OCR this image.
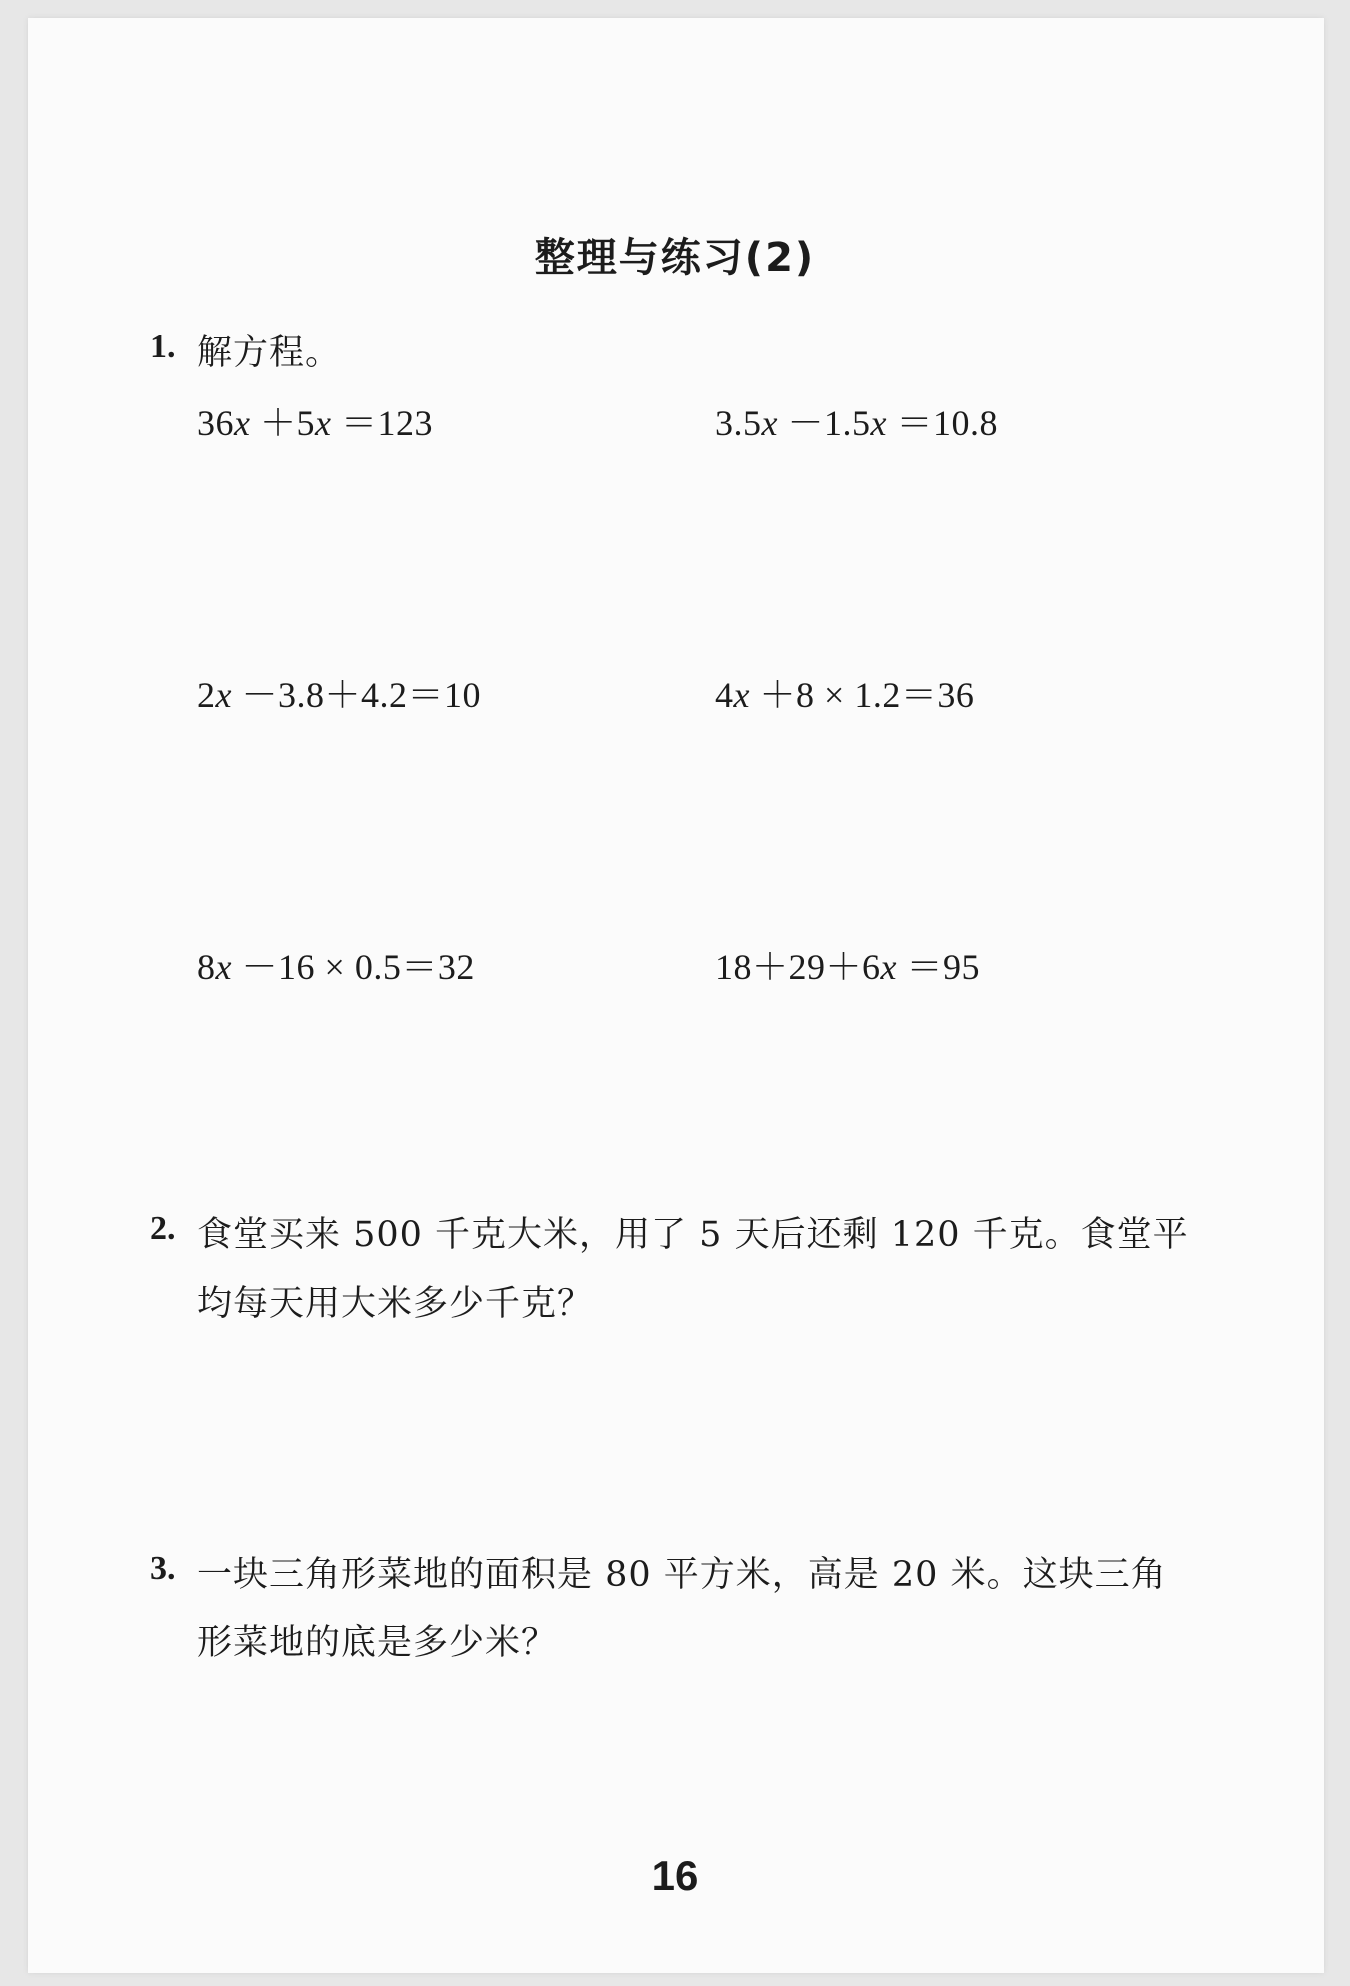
整理与练习(2)
1. 解方程。
36x ＋5x ＝123	3.5x －1.5x ＝10.8
2x －3.8＋4.2＝10	4x ＋8 × 1.2＝36
8x －16 × 0.5＝32	18＋29＋6x ＝95
2. 食堂买来 500 千克大米，用了 5 天后还剩 120 千克。食堂平
均每天用大米多少千克？
3. 一块三角形菜地的面积是 80 平方米，高是 20 米。这块三角
形菜地的底是多少米？
16
